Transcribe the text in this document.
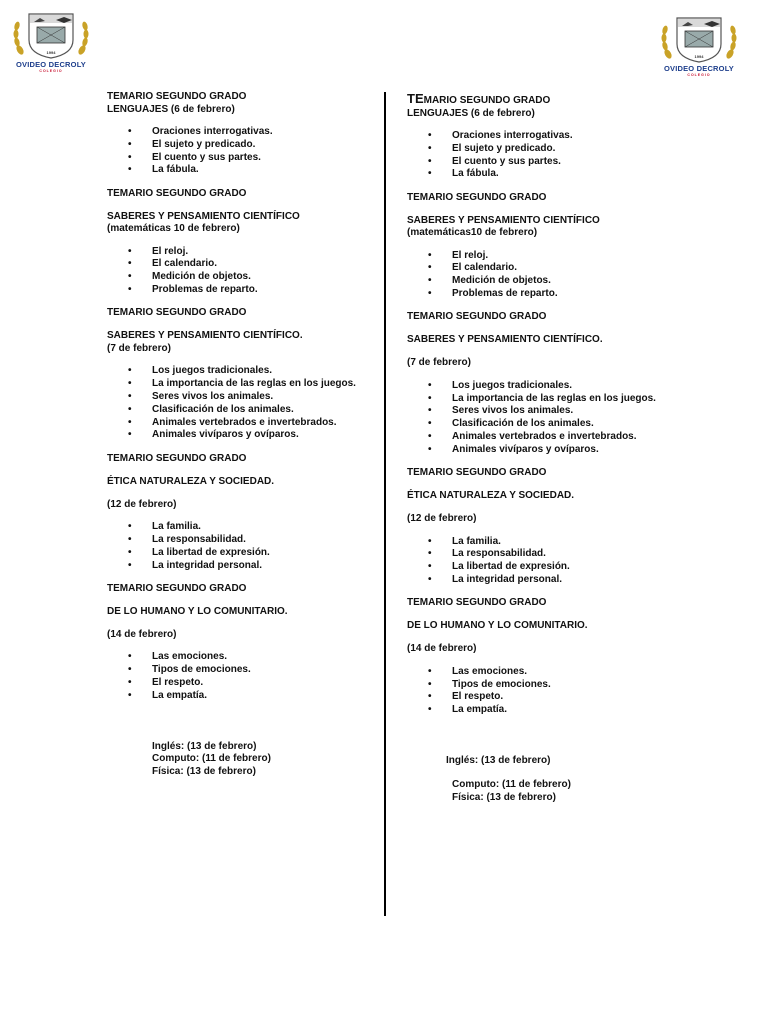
1994
OVIDEO DECROLY
COLEGIO
1994
OVIDEO DECROLY
COLEGIO

TEMARIO SEGUNDO GRADO

LENGUAJES (6 de febrero)

• Oraciones interrogativas.
• El sujeto y predicado.
• El cuento y sus partes.
• La fábula.

TEMARIO SEGUNDO GRADO

SABERES Y PENSAMIENTO CIENTÍFICO

(matemáticas 10 de febrero)

• El reloj.
• El calendario.
• Medición de objetos.
• Problemas de reparto.

TEMARIO SEGUNDO GRADO

SABERES Y PENSAMIENTO CIENTÍFICO.

(7 de febrero)

• Los juegos tradicionales.
• La importancia de las reglas en los juegos.
• Seres vivos los animales.
• Clasificación de los animales.
• Animales vertebrados e invertebrados.
• Animales vivíparos y ovíparos.

TEMARIO SEGUNDO GRADO

ÉTICA NATURALEZA Y SOCIEDAD.

(12 de febrero)

• La familia.
• La responsabilidad.
• La libertad de expresión.
• La integridad personal.

TEMARIO SEGUNDO GRADO

DE LO HUMANO Y LO COMUNITARIO.

(14 de febrero)

• Las emociones.
• Tipos de emociones.
• El respeto.
• La empatía.

Inglés: (13 de febrero)

Computo: (11 de febrero)

Física: (13 de febrero)

TEMARIO SEGUNDO GRADO

LENGUAJES (6 de febrero)

• Oraciones interrogativas.
• El sujeto y predicado.
• El cuento y sus partes.
• La fábula.

TEMARIO SEGUNDO GRADO

SABERES Y PENSAMIENTO CIENTÍFICO

(matemáticas10 de febrero)

• El reloj.
• El calendario.
• Medición de objetos.
• Problemas de reparto.

TEMARIO SEGUNDO GRADO

SABERES Y PENSAMIENTO CIENTÍFICO.

(7 de febrero)

• Los juegos tradicionales.
• La importancia de las reglas en los juegos.
• Seres vivos los animales.
• Clasificación de los animales.
• Animales vertebrados e invertebrados.
• Animales vivíparos y ovíparos.

TEMARIO SEGUNDO GRADO

ÉTICA NATURALEZA Y SOCIEDAD.

(12 de febrero)

• La familia.
• La responsabilidad.
• La libertad de expresión.
• La integridad personal.

TEMARIO SEGUNDO GRADO

DE LO HUMANO Y LO COMUNITARIO.

(14 de febrero)

• Las emociones.
• Tipos de emociones.
• El respeto.
• La empatía.

Inglés: (13 de febrero)

Computo: (11 de febrero)

Física: (13 de febrero)
